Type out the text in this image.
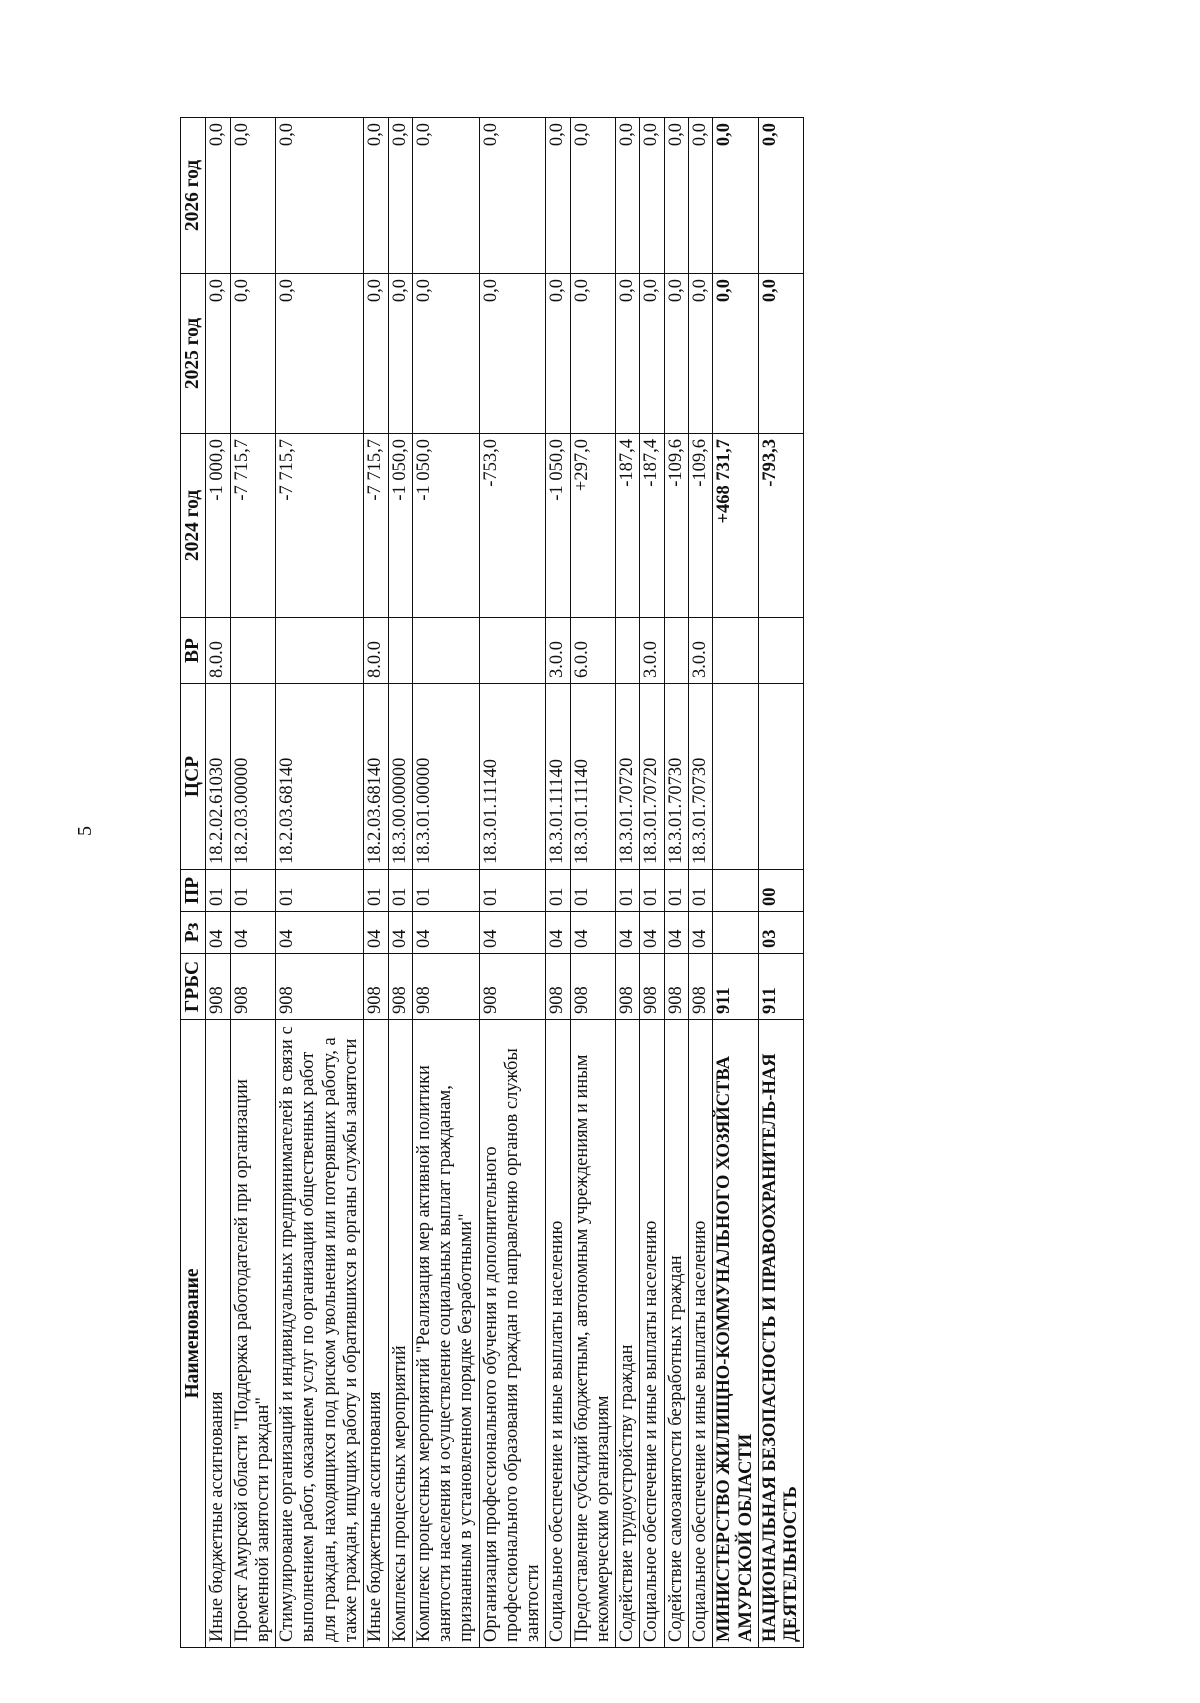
5
Наименование	ГРБС	Рз	ПР	ЦСР	ВР	2024 год	2025 год	2026 год
Иные бюджетные ассигнования	908	04	01	18.2.02.61030	8.0.0	-1 000,0	0,0	0,0
Проект Амурской области "Поддержка работодателей при организации временной занятости граждан"	908	04	01	18.2.03.00000		-7 715,7	0,0	0,0
Стимулирование организаций и индивидуальных предпринимателей в связи с выполнением работ, оказанием услуг по организации общественных работ для граждан, находящихся под риском увольнения или потерявших работу, а также граждан, ищущих работу и обратившихся в органы службы занятости	908	04	01	18.2.03.68140		-7 715,7	0,0	0,0
Иные бюджетные ассигнования	908	04	01	18.2.03.68140	8.0.0	-7 715,7	0,0	0,0
Комплексы процессных мероприятий	908	04	01	18.3.00.00000		-1 050,0	0,0	0,0
Комплекс процессных мероприятий "Реализация мер активной политики занятости населения и осуществление социальных выплат гражданам, признанным в установленном порядке безработными"	908	04	01	18.3.01.00000		-1 050,0	0,0	0,0
Организация профессионального обучения и дополнительного профессионального образования граждан по направлению органов службы занятости	908	04	01	18.3.01.11140		-753,0	0,0	0,0
Социальное обеспечение и иные выплаты населению	908	04	01	18.3.01.11140	3.0.0	-1 050,0	0,0	0,0
Предоставление субсидий бюджетным, автономным учреждениям и иным некоммерческим организациям	908	04	01	18.3.01.11140	6.0.0	+297,0	0,0	0,0
Содействие трудоустройству граждан	908	04	01	18.3.01.70720		-187,4	0,0	0,0
Социальное обеспечение и иные выплаты населению	908	04	01	18.3.01.70720	3.0.0	-187,4	0,0	0,0
Содействие самозанятости безработных граждан	908	04	01	18.3.01.70730		-109,6	0,0	0,0
Социальное обеспечение и иные выплаты населению	908	04	01	18.3.01.70730	3.0.0	-109,6	0,0	0,0
МИНИСТЕРСТВО ЖИЛИЩНО-КОММУНАЛЬНОГО ХОЗЯЙСТВА АМУРСКОЙ ОБЛАСТИ	911					+468 731,7	0,0	0,0
НАЦИОНАЛЬНАЯ БЕЗОПАСНОСТЬ И ПРАВООХРАНИТЕЛЬ-НАЯ ДЕЯТЕЛЬНОСТЬ	911	03	00			-793,3	0,0	0,0
